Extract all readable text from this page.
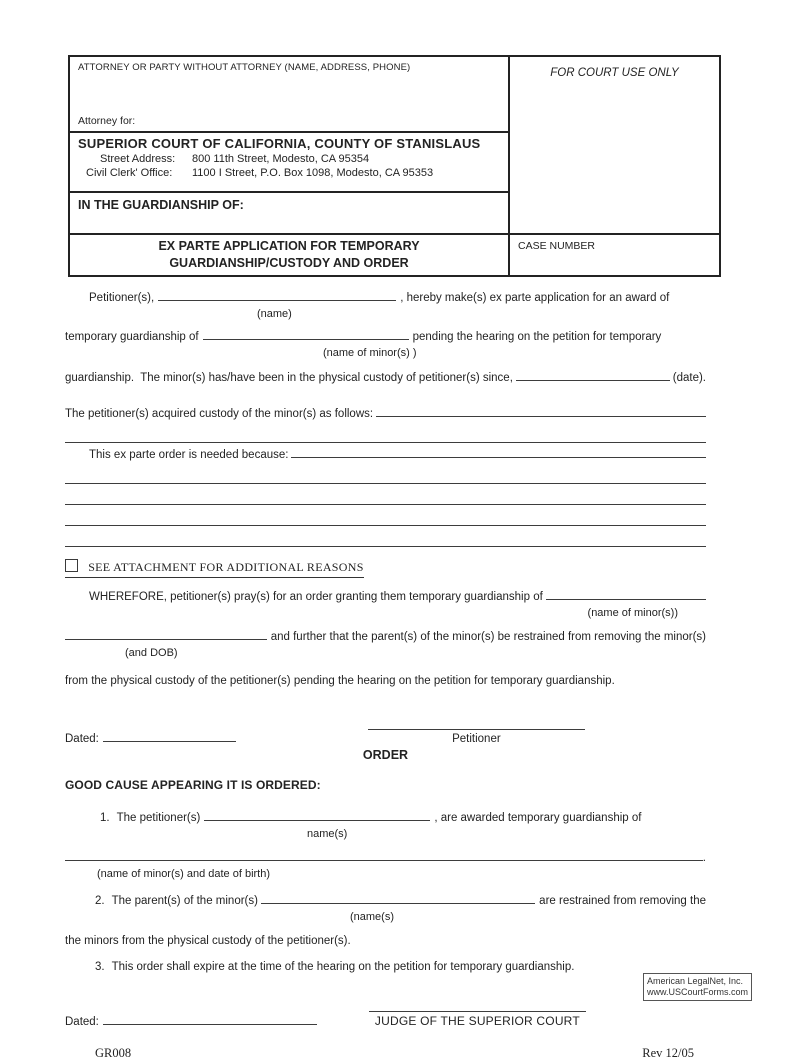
ATTORNEY OR PARTY WITHOUT ATTORNEY (NAME, ADDRESS, PHONE)
Attorney for:
SUPERIOR COURT OF CALIFORNIA, COUNTY OF STANISLAUS
Street Address: 800 11th Street, Modesto, CA 95354
Civil Clerk' Office: 1100 I Street, P.O. Box 1098, Modesto, CA 95353
IN THE GUARDIANSHIP OF:
EX PARTE APPLICATION FOR TEMPORARY
GUARDIANSHIP/CUSTODY AND ORDER
FOR COURT USE ONLY
CASE NUMBER
Petitioner(s),	, hereby make(s) ex parte application for an award of
(name)
temporary guardianship of	pending the hearing on the petition for temporary
(name of minor(s) )
guardianship.  The minor(s) has/have been in the physical custody of petitioner(s) since,	(date).
The petitioner(s) acquired custody of the minor(s) as follows:
This ex parte order is needed because:
SEE ATTACHMENT FOR ADDITIONAL REASONS
WHEREFORE, petitioner(s) pray(s) for an order granting them temporary guardianship of
(name of minor(s))
and further that the parent(s) of the minor(s) be restrained from removing the minor(s)
(and DOB)
from the physical custody of the petitioner(s) pending the hearing on the petition for temporary guardianship.
Dated:	Petitioner
ORDER
GOOD CAUSE APPEARING IT IS ORDERED:
1. The petitioner(s)	, are awarded temporary guardianship of
name(s)
.
(name of minor(s) and date of birth)
2. The parent(s) of the minor(s)	are restrained from removing the
(name(s)
the minors from the physical custody of the petitioner(s).
3. This order shall expire at the time of the hearing on the petition for temporary guardianship.
Dated:	JUDGE OF THE SUPERIOR COURT
GR008	Rev 12/05
American LegalNet, Inc.
www.USCourtForms.com
